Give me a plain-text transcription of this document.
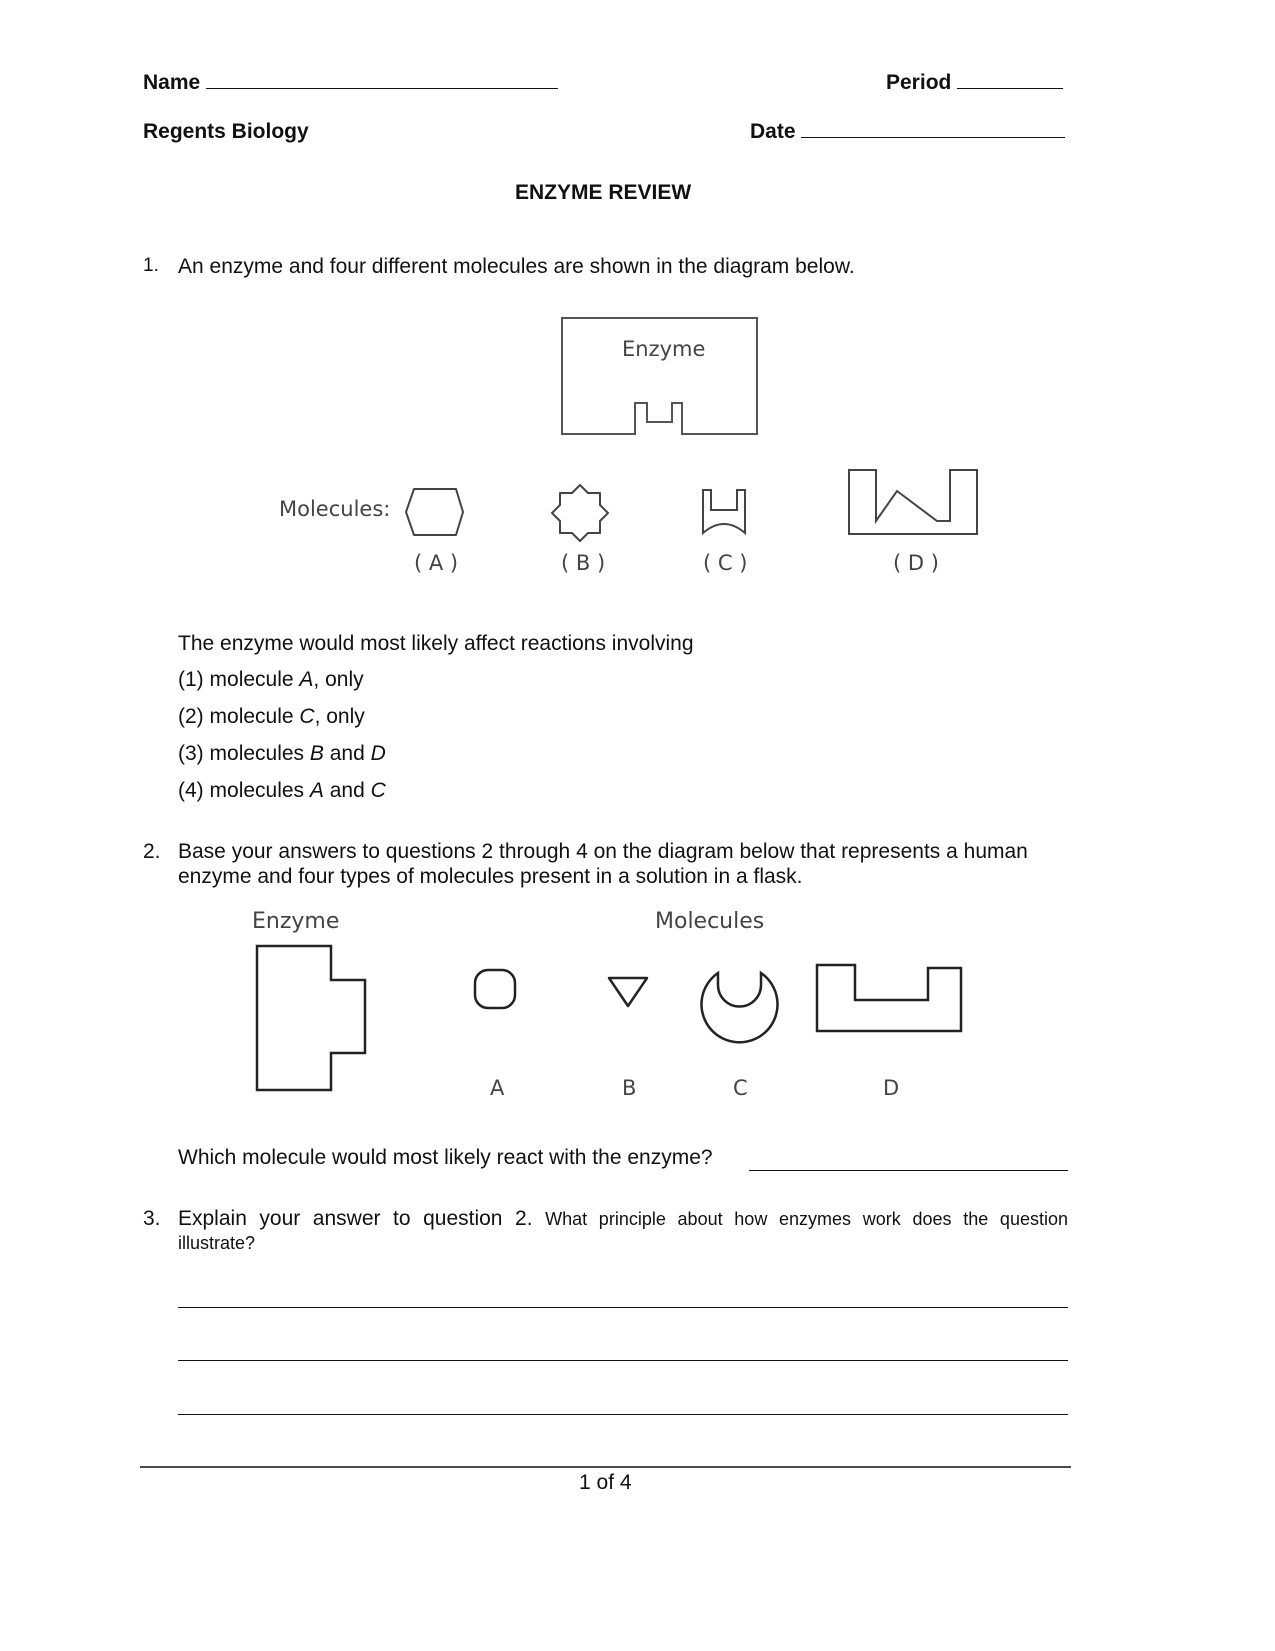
Name	Period
Regents Biology	Date
ENZYME REVIEW
1. An enzyme and four different molecules are shown in the diagram below.
Enzyme
Molecules:
( A )	( B )	( C )	( D )
The enzyme would most likely affect reactions involving
(1) molecule A, only
(2) molecule C, only
(3) molecules B and D
(4) molecules A and C
2. Base your answers to questions 2 through 4 on the diagram below that represents a human
enzyme and four types of molecules present in a solution in a flask.
Enzyme	Molecules
A	B	C	D
Which molecule would most likely react with the enzyme?
3. Explain your answer to question 2. What principle about how enzymes work does the question
illustrate?
1 of 4
